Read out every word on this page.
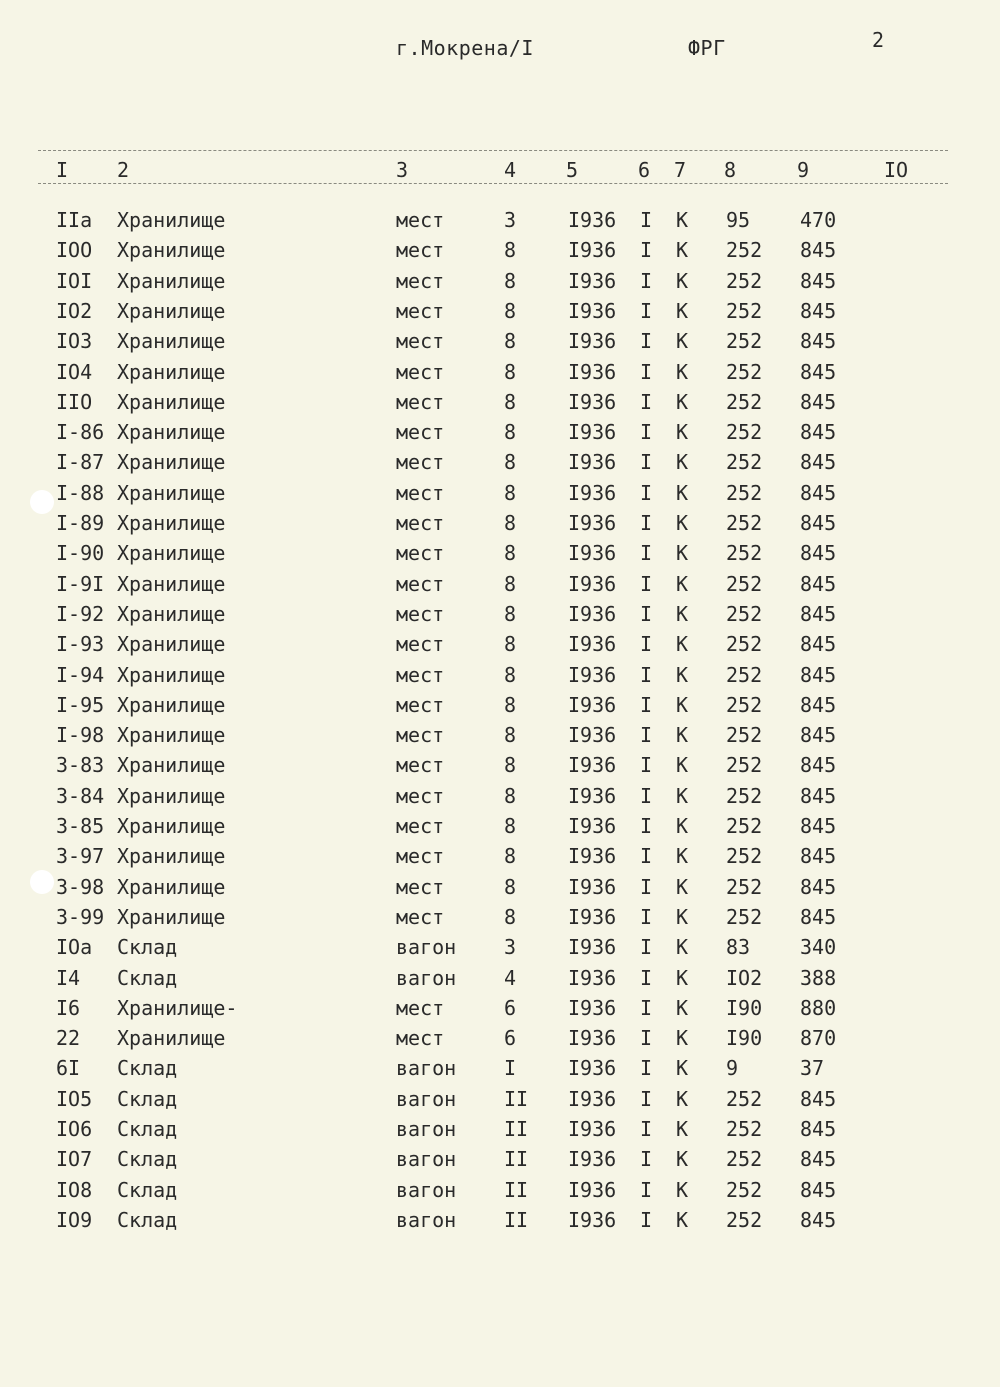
г.Мокрена/I	ФРГ	2
I 2	3	4 5	6 7 8	9	IO
IIa Хранилище	мест	3	I936 I К 95 470
IOO Хранилище	мест	8	I936 I К 252 845
IOI Хранилище	мест	8	I936 I К 252 845
IO2 Хранилище	мест	8	I936 I К 252 845
IO3 Хранилище	мест	8	I936 I К 252 845
IO4 Хранилище	мест	8	I936 I К 252 845
IIO Хранилище	мест	8	I936 I К 252 845
I-86 Хранилище	мест	8	I936 I К 252 845
I-87 Хранилище	мест	8	I936 I К 252 845
I-88 Хранилище	мест	8	I936 I К 252 845
I-89 Хранилище	мест	8	I936 I К 252 845
I-90 Хранилище	мест	8	I936 I К 252 845
I-9I Хранилище	мест	8	I936 I К 252 845
I-92 Хранилище	мест	8	I936 I К 252 845
I-93 Хранилище	мест	8	I936 I К 252 845
I-94 Хранилище	мест	8	I936 I К 252 845
I-95 Хранилище	мест	8	I936 I К 252 845
I-98 Хранилище	мест	8	I936 I К 252 845
3-83 Хранилище	мест	8	I936 I К 252 845
3-84 Хранилище	мест	8	I936 I К 252 845
3-85 Хранилище	мест	8	I936 I К 252 845
3-97 Хранилище	мест	8	I936 I К 252 845
3-98 Хранилище	мест	8	I936 I К 252 845
3-99 Хранилище	мест	8	I936 I К 252 845
IOa Склад	вагон 3	I936 I К 83 340
I4 Склад	вагон 4	I936 I К IO2 388
I6 Хранилище-	мест	6	I936 I К I90 880
22 Хранилище	мест	6	I936 I К I90 870
6I Склад	вагон I	I936 I К 9	37
IO5 Склад	вагон II I936 I К 252 845
IO6 Склад	вагон II I936 I К 252 845
IO7 Склад	вагон II I936 I К 252 845
IO8 Склад	вагон II I936 I К 252 845
IO9 Склад	вагон II I936 I К 252 845
